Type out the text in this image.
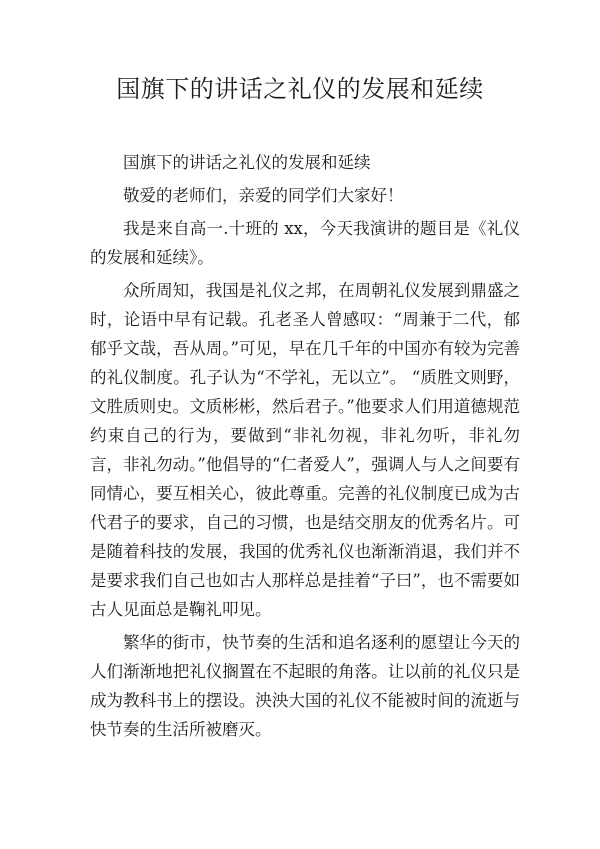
国旗下的讲话之礼仪的发展和延续

国旗下的讲话之礼仪的发展和延续

敬爱的老师们，亲爱的同学们大家好！

我是来自高一.十班的 xx，今天我演讲的题目是《礼仪的发展和延续》。

众所周知，我国是礼仪之邦，在周朝礼仪发展到鼎盛之时，论语中早有记载。孔老圣人曾感叹：“周兼于二代，郁郁乎文哉，吾从周。”可见，早在几千年的中国亦有较为完善的礼仪制度。孔子认为“不学礼，无以立”。 “质胜文则野，文胜质则史。文质彬彬，然后君子。”他要求人们用道德规范约束自己的行为，要做到“非礼勿视，非礼勿听，非礼勿言，非礼勿动。”他倡导的“仁者爱人”，强调人与人之间要有同情心，要互相关心，彼此尊重。完善的礼仪制度已成为古代君子的要求，自己的习惯，也是结交朋友的优秀名片。可是随着科技的发展，我国的优秀礼仪也渐渐消退，我们并不是要求我们自己也如古人那样总是挂着“子曰”，也不需要如古人见面总是鞠礼叩见。

繁华的街市，快节奏的生活和追名逐利的愿望让今天的人们渐渐地把礼仪搁置在不起眼的角落。让以前的礼仪只是成为教科书上的摆设。泱泱大国的礼仪不能被时间的流逝与快节奏的生活所被磨灭。
